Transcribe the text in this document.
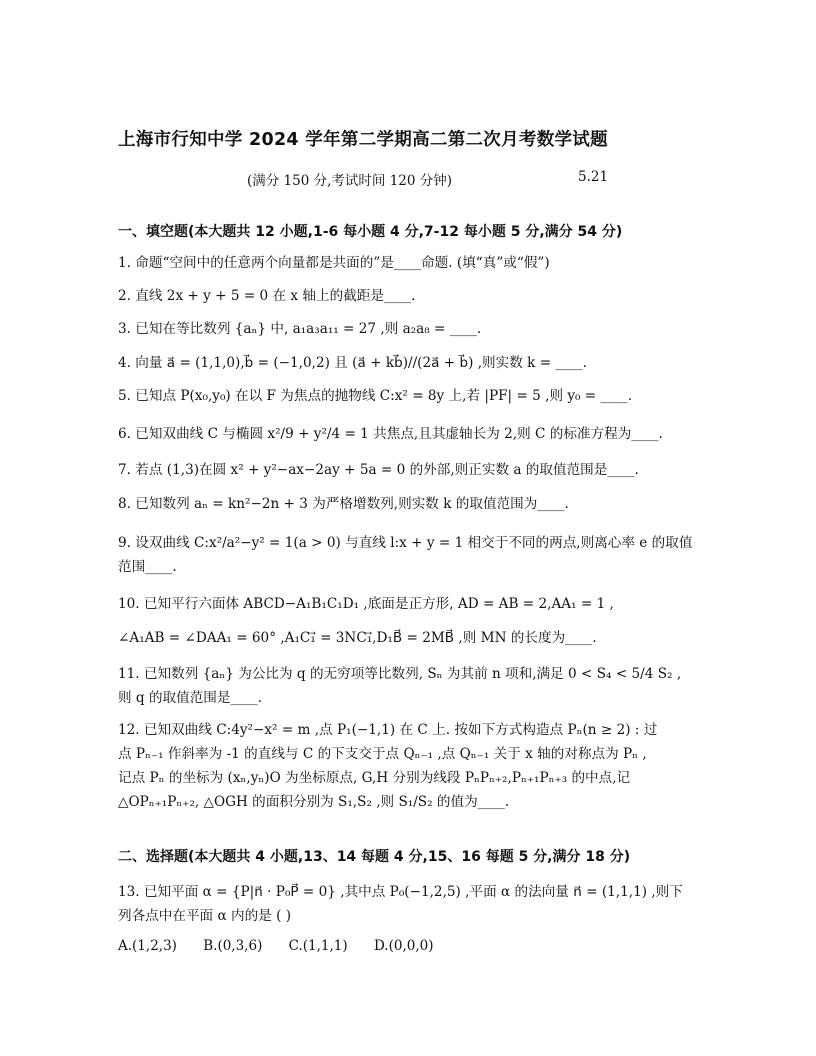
上海市行知中学 2024 学年第二学期高二第二次月考数学试题
(满分 150 分,考试时间 120 分钟)	5.21
一、填空题(本大题共 12 小题,1-6 每小题 4 分,7-12 每小题 5 分,满分 54 分)
1. 命题“空间中的任意两个向量都是共面的”是____命题. (填“真”或“假”)
2. 直线 2x + y + 5 = 0 在 x 轴上的截距是____.
3. 已知在等比数列 {aₙ} 中, a₁a₃a₁₁ = 27 ,则 a₂a₈ = ____.
4. 向量 a⃗ = (1,1,0),b⃗ = (−1,0,2) 且 (a⃗ + kb⃗)//(2a⃗ + b⃗) ,则实数 k = ____.
5. 已知点 P(x₀,y₀) 在以 F 为焦点的抛物线 C:x² = 8y 上,若 |PF| = 5 ,则 y₀ = ____.
6. 已知双曲线 C 与椭圆 x²/9 + y²/4 = 1 共焦点,且其虚轴长为 2,则 C 的标准方程为____.
7. 若点 (1,3)在圆 x² + y²−ax−2ay + 5a = 0 的外部,则正实数 a 的取值范围是____.
8. 已知数列 aₙ = kn²−2n + 3 为严格增数列,则实数 k 的取值范围为____.
9. 设双曲线 C:x²/a²−y² = 1(a > 0) 与直线 l:x + y = 1 相交于不同的两点,则离心率 e 的取值范围____.
10. 已知平行六面体 ABCD−A₁B₁C₁D₁ ,底面是正方形, AD = AB = 2,AA₁ = 1 ,
∠A₁AB = ∠DAA₁ = 60° ,A₁C₁⃗ = 3NC₁⃗,D₁B⃗ = 2MB⃗ ,则 MN 的长度为____.
11. 已知数列 {aₙ} 为公比为 q 的无穷项等比数列, Sₙ 为其前 n 项和,满足 0 < S₄ < 5/4 S₂ ,
则 q 的取值范围是____.
12. 已知双曲线 C:4y²−x² = m ,点 P₁(−1,1) 在 C 上. 按如下方式构造点 Pₙ(n ≥ 2) : 过
点 Pₙ₋₁ 作斜率为 -1 的直线与 C 的下支交于点 Qₙ₋₁ ,点 Qₙ₋₁ 关于 x 轴的对称点为 Pₙ ,
记点 Pₙ 的坐标为 (xₙ,yₙ)O 为坐标原点, G,H 分别为线段 PₙPₙ₊₂,Pₙ₊₁Pₙ₊₃ 的中点,记
△OPₙ₊₁Pₙ₊₂, △OGH 的面积分别为 S₁,S₂ ,则 S₁/S₂ 的值为____.
二、选择题(本大题共 4 小题,13、14 每题 4 分,15、16 每题 5 分,满分 18 分)
13. 已知平面 α = {P|n⃗ · P₀P⃗ = 0} ,其中点 P₀(−1,2,5) ,平面 α 的法向量 n⃗ = (1,1,1) ,则下
列各点中在平面 α 内的是 ( )
A.(1,2,3) B.(0,3,6) C.(1,1,1) D.(0,0,0)
